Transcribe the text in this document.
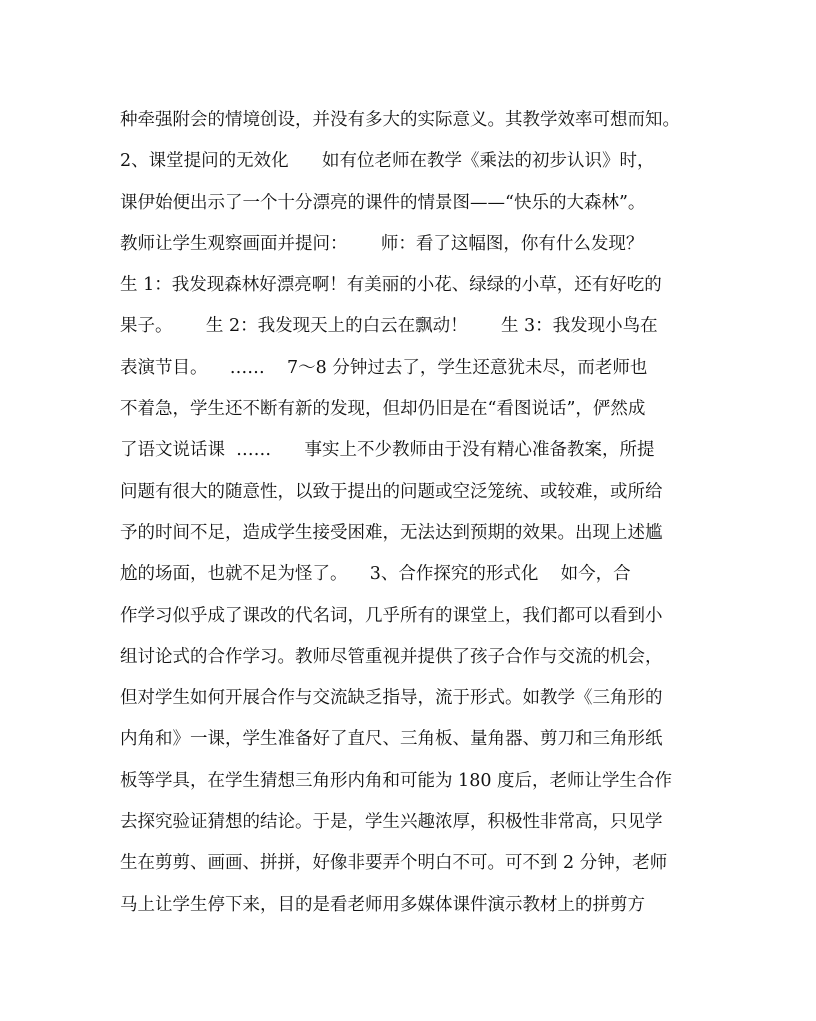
种牵强附会的情境创设，并没有多大的实际意义。其教学效率可想而知。
2、课堂提问的无效化      如有位老师在教学《乘法的初步认识》时，
课伊始便出示了一个十分漂亮的课件的情景图——“快乐的大森林”。
教师让学生观察画面并提问：      师：看了这幅图，你有什么发现？
生 1：我发现森林好漂亮啊！有美丽的小花、绿绿的小草，还有好吃的
果子。      生 2：我发现天上的白云在飘动！      生 3：我发现小鸟在
表演节目。    ……    7～8 分钟过去了，学生还意犹未尽，而老师也
不着急，学生还不断有新的发现，但却仍旧是在“看图说话”，俨然成
了语文说话课  ……      事实上不少教师由于没有精心准备教案，所提
问题有很大的随意性，以致于提出的问题或空泛笼统、或较难，或所给
予的时间不足，造成学生接受困难，无法达到预期的效果。出现上述尴
尬的场面，也就不足为怪了。    3、合作探究的形式化    如今，合
作学习似乎成了课改的代名词，几乎所有的课堂上，我们都可以看到小
组讨论式的合作学习。教师尽管重视并提供了孩子合作与交流的机会，
但对学生如何开展合作与交流缺乏指导，流于形式。如教学《三角形的
内角和》一课，学生准备好了直尺、三角板、量角器、剪刀和三角形纸
板等学具，在学生猜想三角形内角和可能为 180 度后，老师让学生合作
去探究验证猜想的结论。于是，学生兴趣浓厚，积极性非常高，只见学
生在剪剪、画画、拼拼，好像非要弄个明白不可。可不到 2 分钟，老师
马上让学生停下来，目的是看老师用多媒体课件演示教材上的拼剪方
